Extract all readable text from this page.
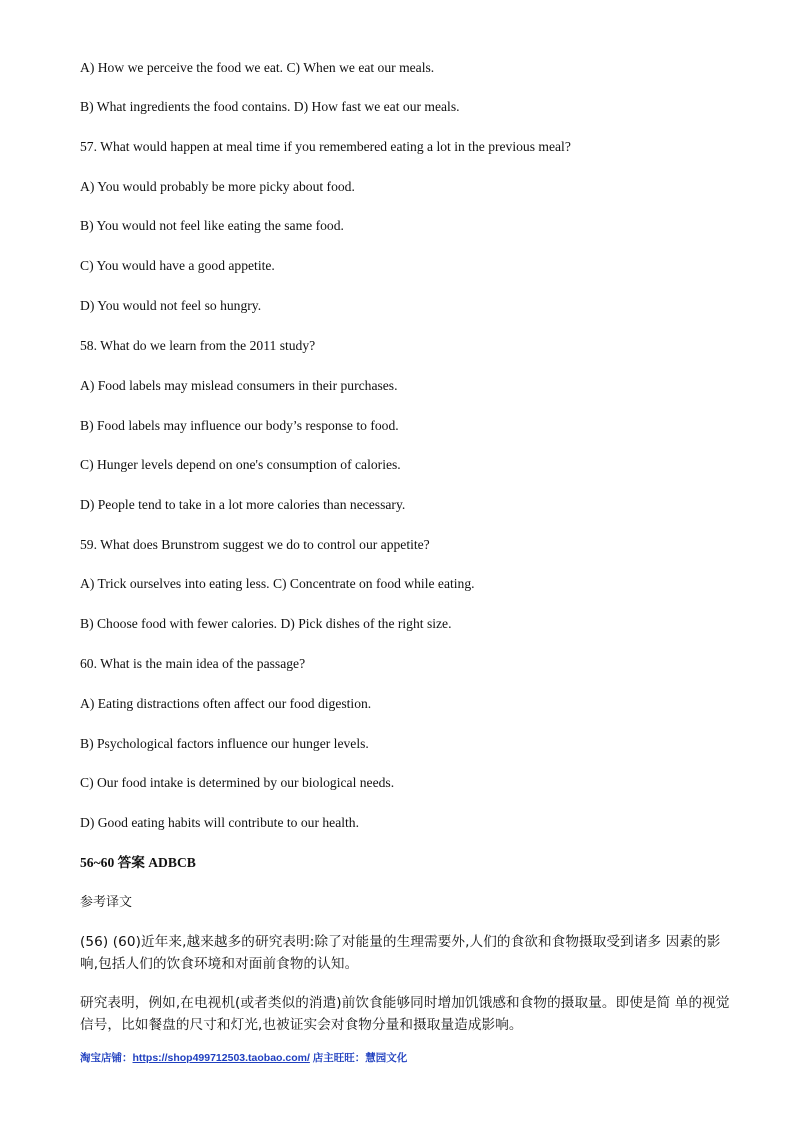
A) How we perceive the food we eat. C) When we eat our meals.
B) What ingredients the food contains. D) How fast we eat our meals.
57. What would happen at meal time if you remembered eating a lot in the previous meal?
A) You would probably be more picky about food.
B) You would not feel like eating the same food.
C) You would have a good appetite.
D) You would not feel so hungry.
58. What do we learn from the 2011 study?
A) Food labels may mislead consumers in their purchases.
B) Food labels may influence our body’s response to food.
C) Hunger levels depend on one's consumption of calories.
D) People tend to take in a lot more calories than necessary.
59. What does Brunstrom suggest we do to control our appetite?
A) Trick ourselves into eating less. C) Concentrate on food while eating.
B) Choose food with fewer calories. D) Pick dishes of the right size.
60. What is the main idea of the passage?
A) Eating distractions often affect our food digestion.
B) Psychological factors influence our hunger levels.
C) Our food intake is determined by our biological needs.
D) Good eating habits will contribute to our health.
56~60 答案 ADBCB
参考译文
(56) (60)近年来,越来越多的研究表明:除了对能量的生理需要外,人们的食欲和食物摄取受到诸多 因素的影响,包括人们的饮食环境和对面前食物的认知。
研究表明，例如,在电视机(或者类似的消遣)前饮食能够同时增加饥饿感和食物的摄取量。即使是简 单的视觉信号，比如餐盘的尺寸和灯光,也被证实会对食物分量和摄取量造成影响。
淘宝店铺：https://shop499712503.taobao.com/ 店主旺旺：慧园文化
